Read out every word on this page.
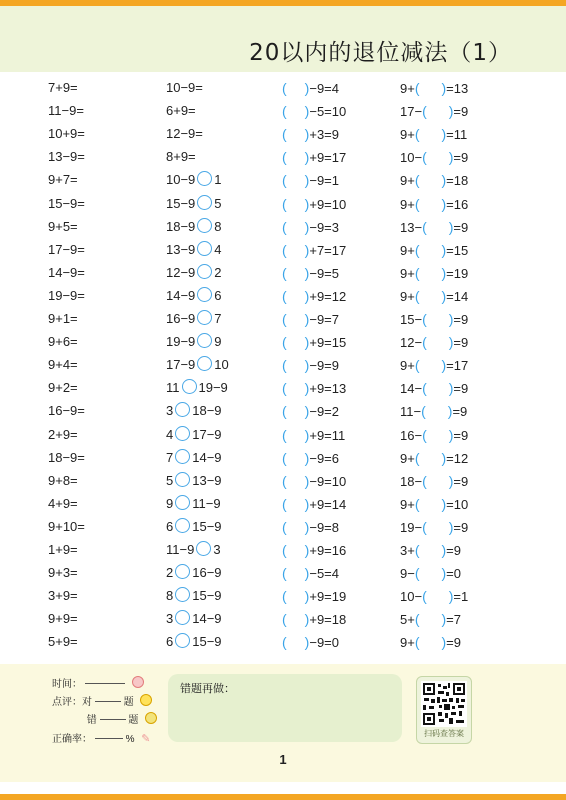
20以内的退位减法（1）
7+9=	10−9=	( )−9=4	9+( )=13
11−9=	6+9=	( )−5=10	17−( )=9
10+9=	12−9=	( )+3=9	9+( )=11
13−9=	8+9=	( )+9=17	10−( )=9
9+7=	10−9 1	( )−9=1	9+( )=18
15−9=	15−9 5	( )+9=10	9+( )=16
9+5=	18−9 8	( )−9=3	13−( )=9
17−9=	13−9 4	( )+7=17	9+( )=15
14−9=	12−9 2	( )−9=5	9+( )=19
19−9=	14−9 6	( )+9=12	9+( )=14
9+1=	16−9 7	( )−9=7	15−( )=9
9+6=	19−9 9	( )+9=15	12−( )=9
9+4=	17−9 10	( )−9=9	9+( )=17
9+2=	11 19−9	( )+9=13	14−( )=9
16−9=	3 18−9	( )−9=2	11−( )=9
2+9=	4 17−9	( )+9=11	16−( )=9
18−9=	7 14−9	( )−9=6	9+( )=12
9+8=	5 13−9	( )−9=10	18−( )=9
4+9=	9 11−9	( )+9=14	9+( )=10
9+10=	6 15−9	( )−9=8	19−( )=9
1+9=	11−9 3	( )+9=16	3+( )=9
9+3=	2 16−9	( )−5=4	9−( )=0
3+9=	8 15−9	( )+9=19	10−( )=1
9+9=	3 14−9	( )+9=18	5+( )=7
5+9=	6 15−9	( )−9=0	9+( )=9
时间：
点评：对	题
错	题
正确率：	% ✎
错题再做：
扫码查答案
1
